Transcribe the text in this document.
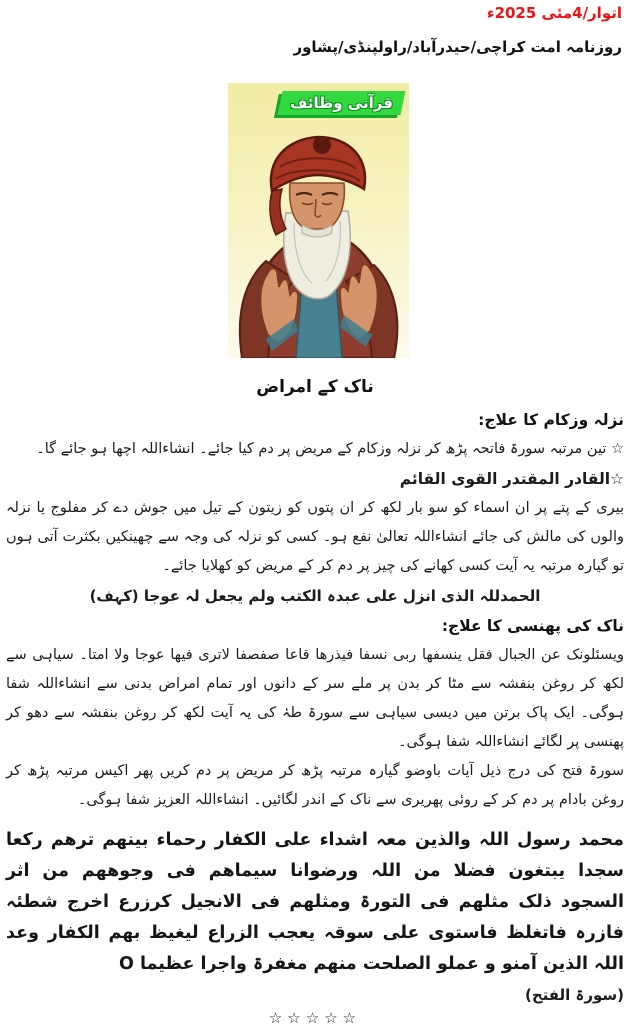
اتوار/4مئی 2025ء
روزنامہ امت کراچی/حیدرآباد/راولپنڈی/پشاور
قرآنی وظائف
ناک کے امراض

نزلہ وزکام کا علاج:

☆ تین مرتبہ سورۃ فاتحہ پڑھ کر نزلہ وزکام کے مریض پر دم کیا جائے۔ انشاءاللہ اچھا ہو جائے گا۔

☆القادر المقتدر القوی القائم

بیری کے پتے پر ان اسماء کو سو بار لکھ کر ان پتوں کو زیتون کے تیل میں جوش دے کر مفلوج یا نزلہ والوں کی مالش کی جائے انشاءاللہ تعالیٰ نفع ہو۔ کسی کو نزلہ کی وجہ سے چھینکیں بکثرت آتی ہوں تو گیارہ مرتبہ یہ آیت کسی کھانے کی چیز پر دم کر کے مریض کو کھلایا جائے۔

الحمدللہ الذی انزل علی عبدہ الکتب ولم یجعل لہ عوجا (کہف)

ناک کی پھنسی کا علاج:

ویسئلونک عن الجبال فقل ینسفھا ربی نسفا فیذرھا قاعا صفصفا لاتری فیھا عوجا ولا امتا۔ سیاہی سے لکھ کر روغن بنفشہ سے مٹا کر بدن پر ملے سر کے دانوں اور تمام امراض بدنی سے انشاءاللہ شفا ہوگی۔ ایک پاک برتن میں دیسی سیاہی سے سورۃ طہٰ کی یہ آیت لکھ کر روغن بنفشہ سے دھو کر پھنسی پر لگائے انشاءاللہ شفا ہوگی۔

سورۃ فتح کی درج ذیل آیات باوضو گیارہ مرتبہ پڑھ کر مریض پر دم کریں پھر اکیس مرتبہ پڑھ کر روغن بادام پر دم کر کے روئی پھریری سے ناک کے اندر لگائیں۔ انشاءاللہ العزیز شفا ہوگی۔

محمد رسول اللہ والذین معہ اشداء علی الکفار رحماء بینھم ترھم رکعا سجدا یبتغون فضلا من اللہ ورضوانا سیماھم فی وجوھھم من اثر السجود ذلک مثلھم فی التورۃ ومثلھم فی الانجیل کرزرع اخرج شطئہ فازرہ فاتغلظ فاستوی علی سوقہ یعجب الزراع لیغیظ بھم الکفار وعد اللہ الذین آمنو و عملو الصلحت منھم مغفرۃ واجرا عظیما O

(سورۃ الفتح)

☆☆☆☆☆
